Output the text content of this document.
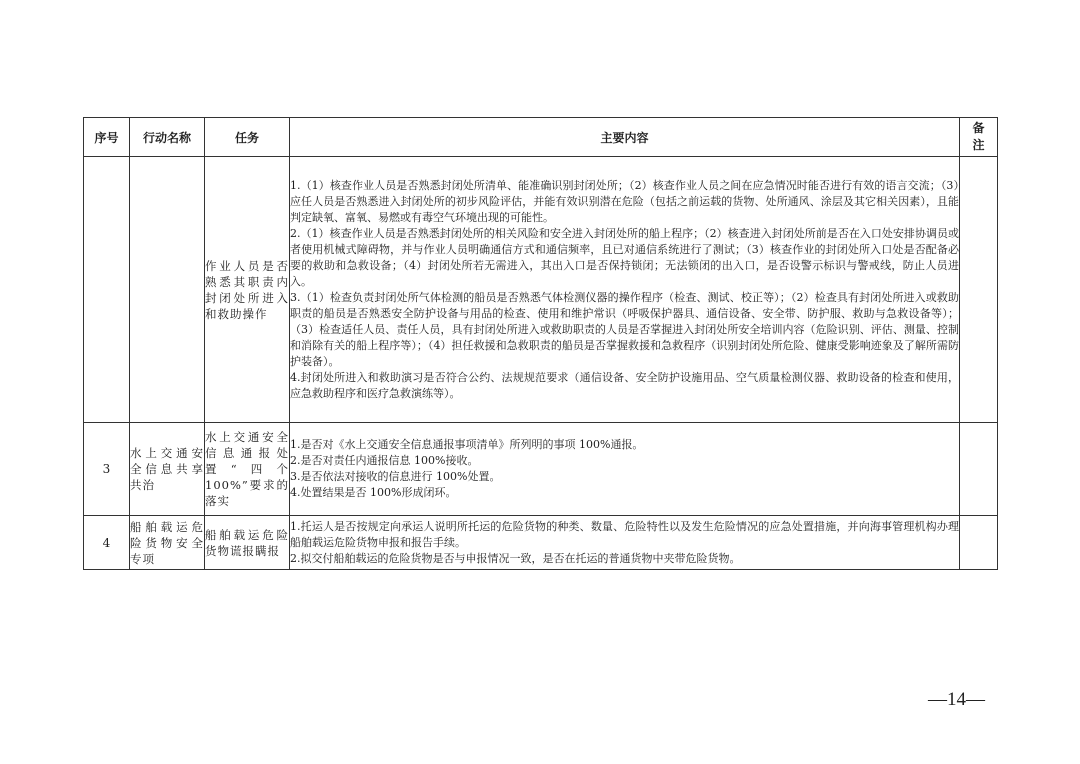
序号	行动名称	任务	主要内容	备注

		作业人员是否熟悉其职责内封闭处所进入和救助操作	1.（1）核查作业人员是否熟悉封闭处所清单、能准确识别封闭处所；（2）核查作业人员之间在应急情况时能否进行有效的语言交流；（3）应任人员是否熟悉进入封闭处所的初步风险评估，并能有效识别潜在危险（包括之前运载的货物、处所通风、涂层及其它相关因素），且能判定缺氧、富氧、易燃或有毒空气环境出现的可能性。

2.（1）核查作业人员是否熟悉封闭处所的相关风险和安全进入封闭处所的船上程序；（2）核查进入封闭处所前是否在入口处安排协调员或者使用机械式障碍物，并与作业人员明确通信方式和通信频率，且已对通信系统进行了测试；（3）核查作业的封闭处所入口处是否配备必要的救助和急救设备；（4）封闭处所若无需进入，其出入口是否保持锁闭；无法锁闭的出入口，是否设警示标识与警戒线，防止人员进入。

3.（1）检查负责封闭处所气体检测的船员是否熟悉气体检测仪器的操作程序（检查、测试、校正等）；（2）检查具有封闭处所进入或救助职责的船员是否熟悉安全防护设备与用品的检查、使用和维护常识（呼吸保护器具、通信设备、安全带、防护服、救助与急救设备等）；（3）检查适任人员、责任人员，具有封闭处所进入或救助职责的人员是否掌握进入封闭处所安全培训内容（危险识别、评估、测量、控制和消除有关的船上程序等）；（4）担任救援和急救职责的船员是否掌握救援和急救程序（识别封闭处所危险、健康受影响迹象及了解所需防护装备）。

4.封闭处所进入和救助演习是否符合公约、法规规范要求（通信设备、安全防护设施用品、空气质量检测仪器、救助设备的检查和使用，应急救助程序和医疗急救演练等）。	

3	水上交通安全信息共享共治	水上交通安全信息通报处置“四个100%”要求的落实	1.是否对《水上交通安全信息通报事项清单》所列明的事项 100%通报。

2.是否对责任内通报信息 100%接收。

3.是否依法对接收的信息进行 100%处置。

4.处置结果是否 100%形成闭环。	

4	船舶载运危险货物安全专项	船舶载运危险货物谎报瞒报	1.托运人是否按规定向承运人说明所托运的危险货物的种类、数量、危险特性以及发生危险情况的应急处置措施，并向海事管理机构办理船舶载运危险货物申报和报告手续。

2.拟交付船舶载运的危险货物是否与申报情况一致，是否在托运的普通货物中夹带危险货物。	

—14—
